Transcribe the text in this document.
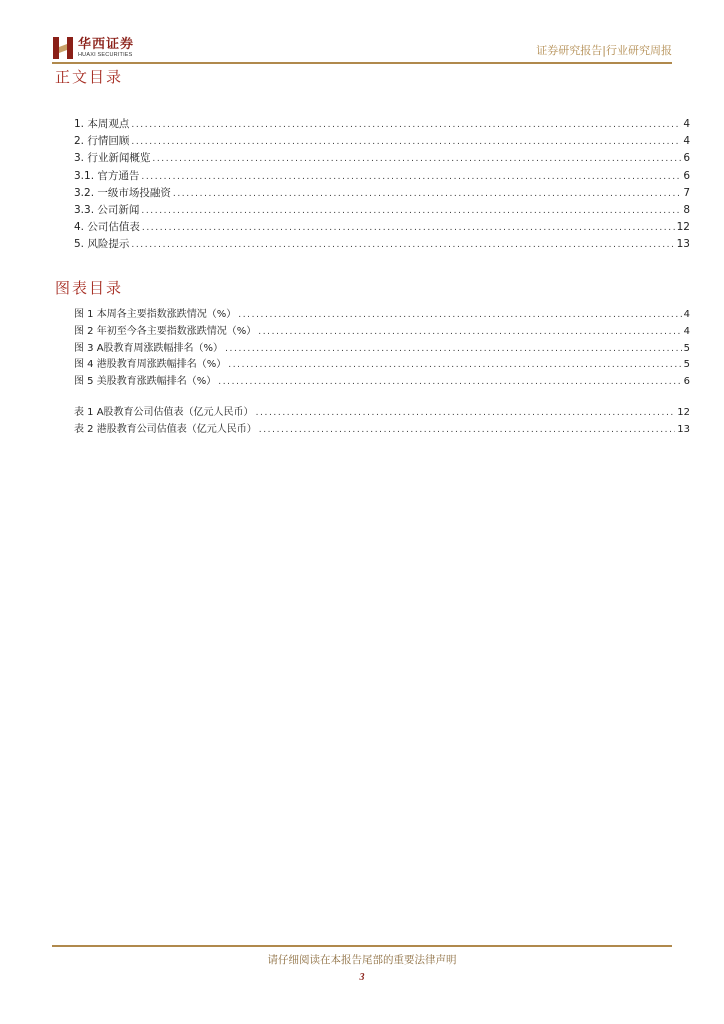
华西证券
HUAXI SECURITIES	证券研究报告|行业研究周报
正文目录
1. 本周观点 .....	4
2. 行情回顾 .....	4
3. 行业新闻概览 .....	6
3.1. 官方通告 .....	6
3.2. 一级市场投融资 .....	7
3.3. 公司新闻 .....	8
4. 公司估值表 .....	12
5. 风险提示 .....	13
图表目录
图 1 本周各主要指数涨跌情况（%） .....	4
图 2 年初至今各主要指数涨跌情况（%） .....	4
图 3 A股教育周涨跌幅排名（%） .....	5
图 4 港股教育周涨跌幅排名（%） .....	5
图 5 美股教育涨跌幅排名（%） .....	6
表 1 A股教育公司估值表（亿元人民币） .....	12
表 2 港股教育公司估值表（亿元人民币） .....	13
请仔细阅读在本报告尾部的重要法律声明
3
